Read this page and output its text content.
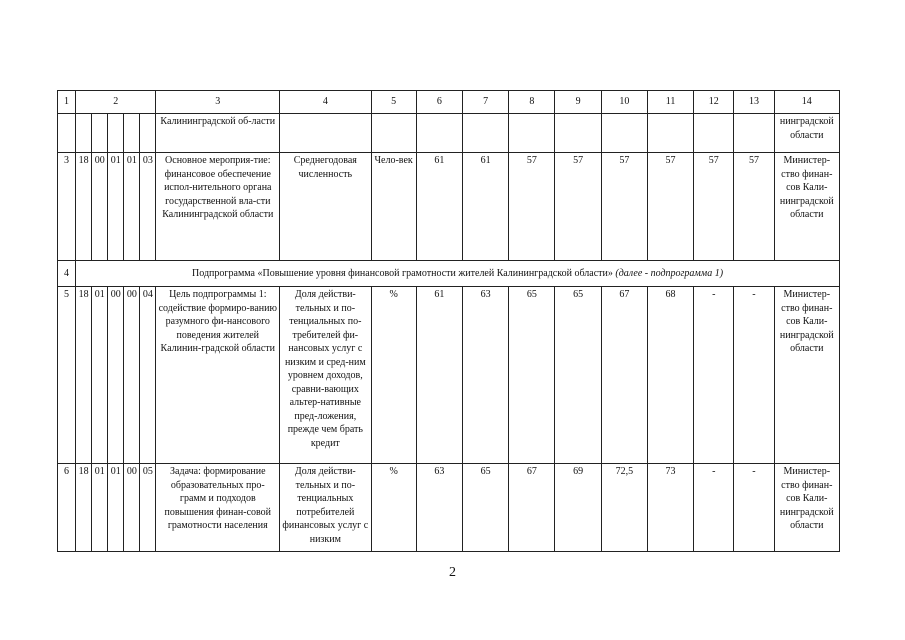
1	2					3	4	5	6	7	8	9	10	11	12	13	14
						Калининградской об-ласти											нинградской области
3	18	00	01	01	03	Основное мероприя-тие: финансовое обеспечение испол-нительного органа государственной вла-сти Калининградской области	Среднегодовая численность	Чело-век	61	61	57	57	57	57	57	57	Министер-ство финан-сов Кали-нинградской области
4	Подпрограмма «Повышение уровня финансовой грамотности жителей Калининградской области» (далее - подпрограмма 1)																
5	18	01	00	00	04	Цель подпрограммы 1: содействие формиро-ванию разумного фи-нансового поведения жителей Калинин-градской области	Доля действи-тельных и по-тенциальных по-требителей фи-нансовых услуг с низким и сред-ним уровнем доходов, сравни-вающих альтер-нативные пред-ложения, прежде чем брать кредит	%	61	63	65	65	67	68	-	-	Министер-ство финан-сов Кали-нинградской области
6	18	01	01	00	05	Задача: формирование образовательных про-грамм и подходов повышения финан-совой грамотности населения	Доля действи-тельных и по-тенциальных потребителей финансовых услуг с низким	%	63	65	67	69	72,5	73	-	-	Министер-ство финан-сов Кали-нинградской области
2
